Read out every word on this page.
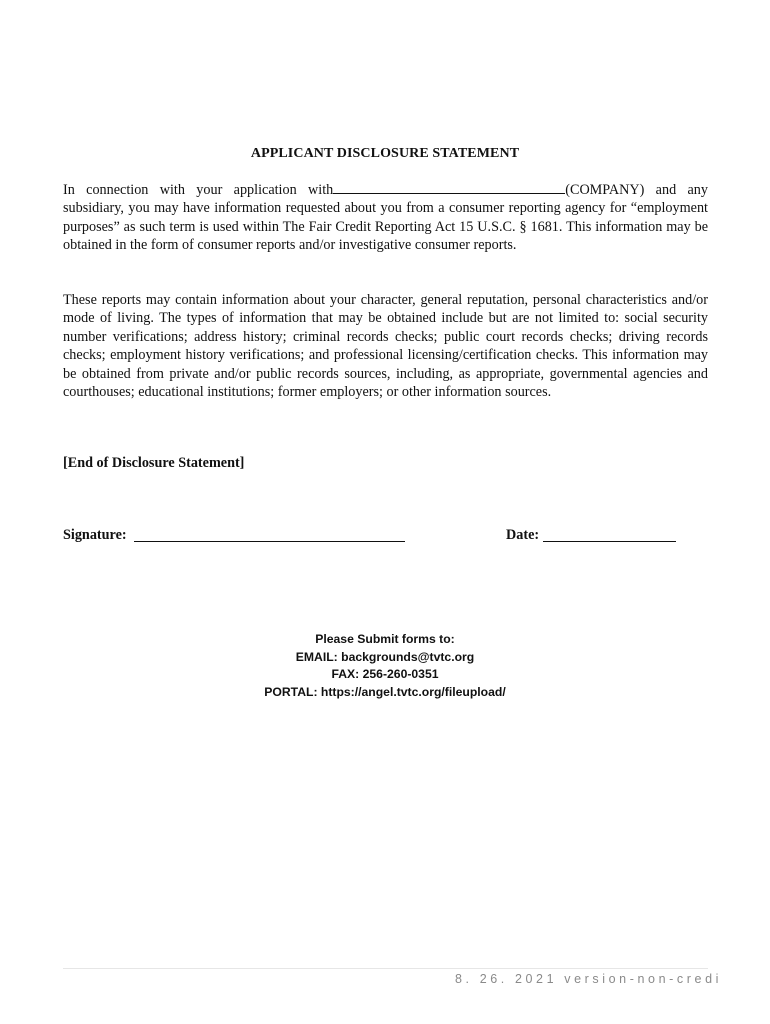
APPLICANT DISCLOSURE STATEMENT
In connection with your application with	(COMPANY) and any subsidiary, you may have information requested about you from a consumer reporting agency for “employment purposes” as such term is used within The Fair Credit Reporting Act 15 U.S.C. § 1681. This information may be obtained in the form of consumer reports and/or investigative consumer reports.
These reports may contain information about your character, general reputation, personal characteristics and/or mode of living. The types of information that may be obtained include but are not limited to: social security number verifications; address history; criminal records checks; public court records checks; driving records checks; employment history verifications; and professional licensing/certification checks. This information may be obtained from private and/or public records sources, including, as appropriate, governmental agencies and courthouses; educational institutions; former employers; or other information sources.
[End of Disclosure Statement]
Signature:	Date:
Please Submit forms to:
EMAIL: backgrounds@tvtc.org
FAX: 256-260-0351
PORTAL: https://angel.tvtc.org/fileupload/
8. 26. 2021 version-non-credi
